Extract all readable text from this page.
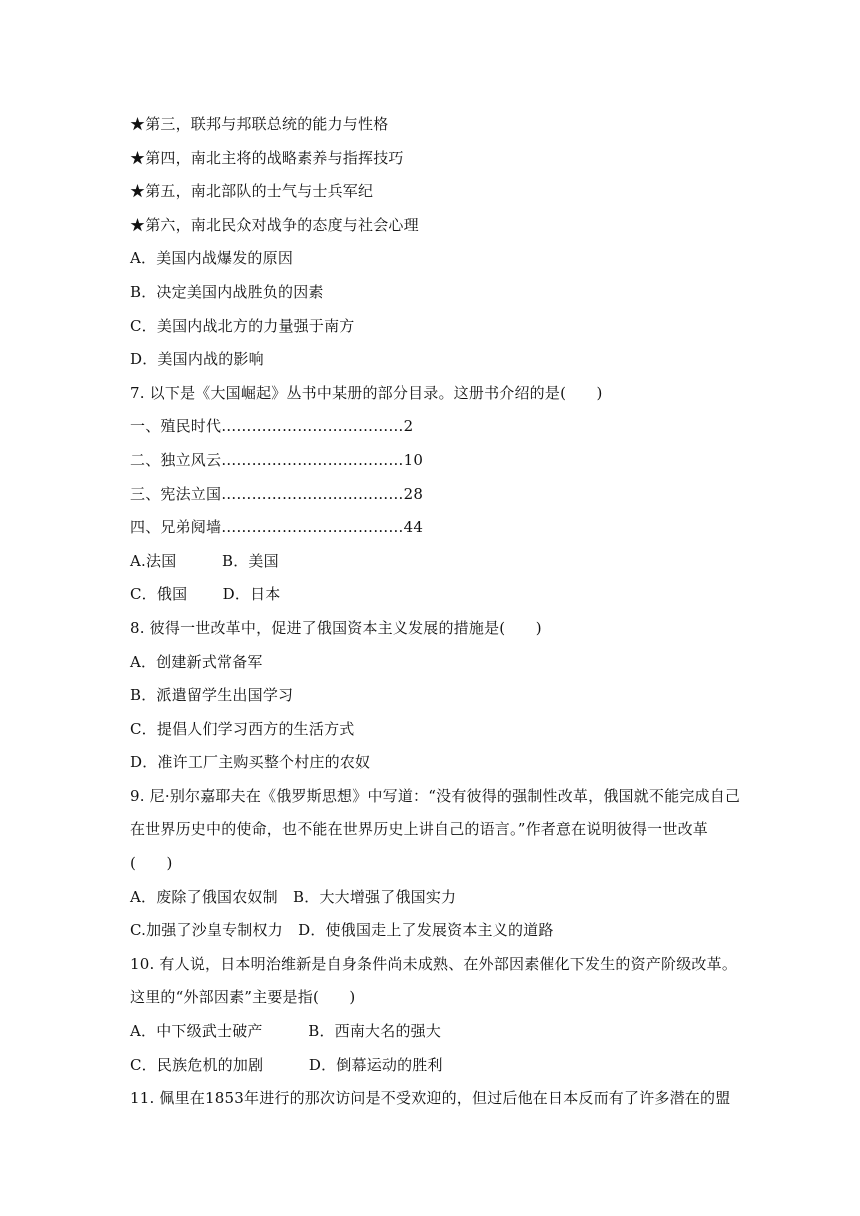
★第三，联邦与邦联总统的能力与性格
★第四，南北主将的战略素养与指挥技巧
★第五，南北部队的士气与士兵军纪
★第六，南北民众对战争的态度与社会心理
A．美国内战爆发的原因
B．决定美国内战胜负的因素
C．美国内战北方的力量强于南方
D．美国内战的影响
7. 以下是《大国崛起》丛书中某册的部分目录。这册书介绍的是(　　)
一、殖民时代………………………………2
二、独立风云………………………………10
三、宪法立国………………………………28
四、兄弟阋墙………………………………44
A.法国　　　B．美国
C．俄国　　 D．日本
8. 彼得一世改革中，促进了俄国资本主义发展的措施是(　　)
A．创建新式常备军
B．派遣留学生出国学习
C．提倡人们学习西方的生活方式
D．准许工厂主购买整个村庄的农奴
9. 尼·别尔嘉耶夫在《俄罗斯思想》中写道：“没有彼得的强制性改革，俄国就不能完成自己
在世界历史中的使命，也不能在世界历史上讲自己的语言。”作者意在说明彼得一世改革
(　　)
A．废除了俄国农奴制　B．大大增强了俄国实力
C.加强了沙皇专制权力　D．使俄国走上了发展资本主义的道路
10. 有人说，日本明治维新是自身条件尚未成熟、在外部因素催化下发生的资产阶级改革。
这里的“外部因素”主要是指(　　)
A．中下级武士破产　　　B．西南大名的强大
C．民族危机的加剧　　　D．倒幕运动的胜利
11. 佩里在1853年进行的那次访问是不受欢迎的，但过后他在日本反而有了许多潜在的盟
